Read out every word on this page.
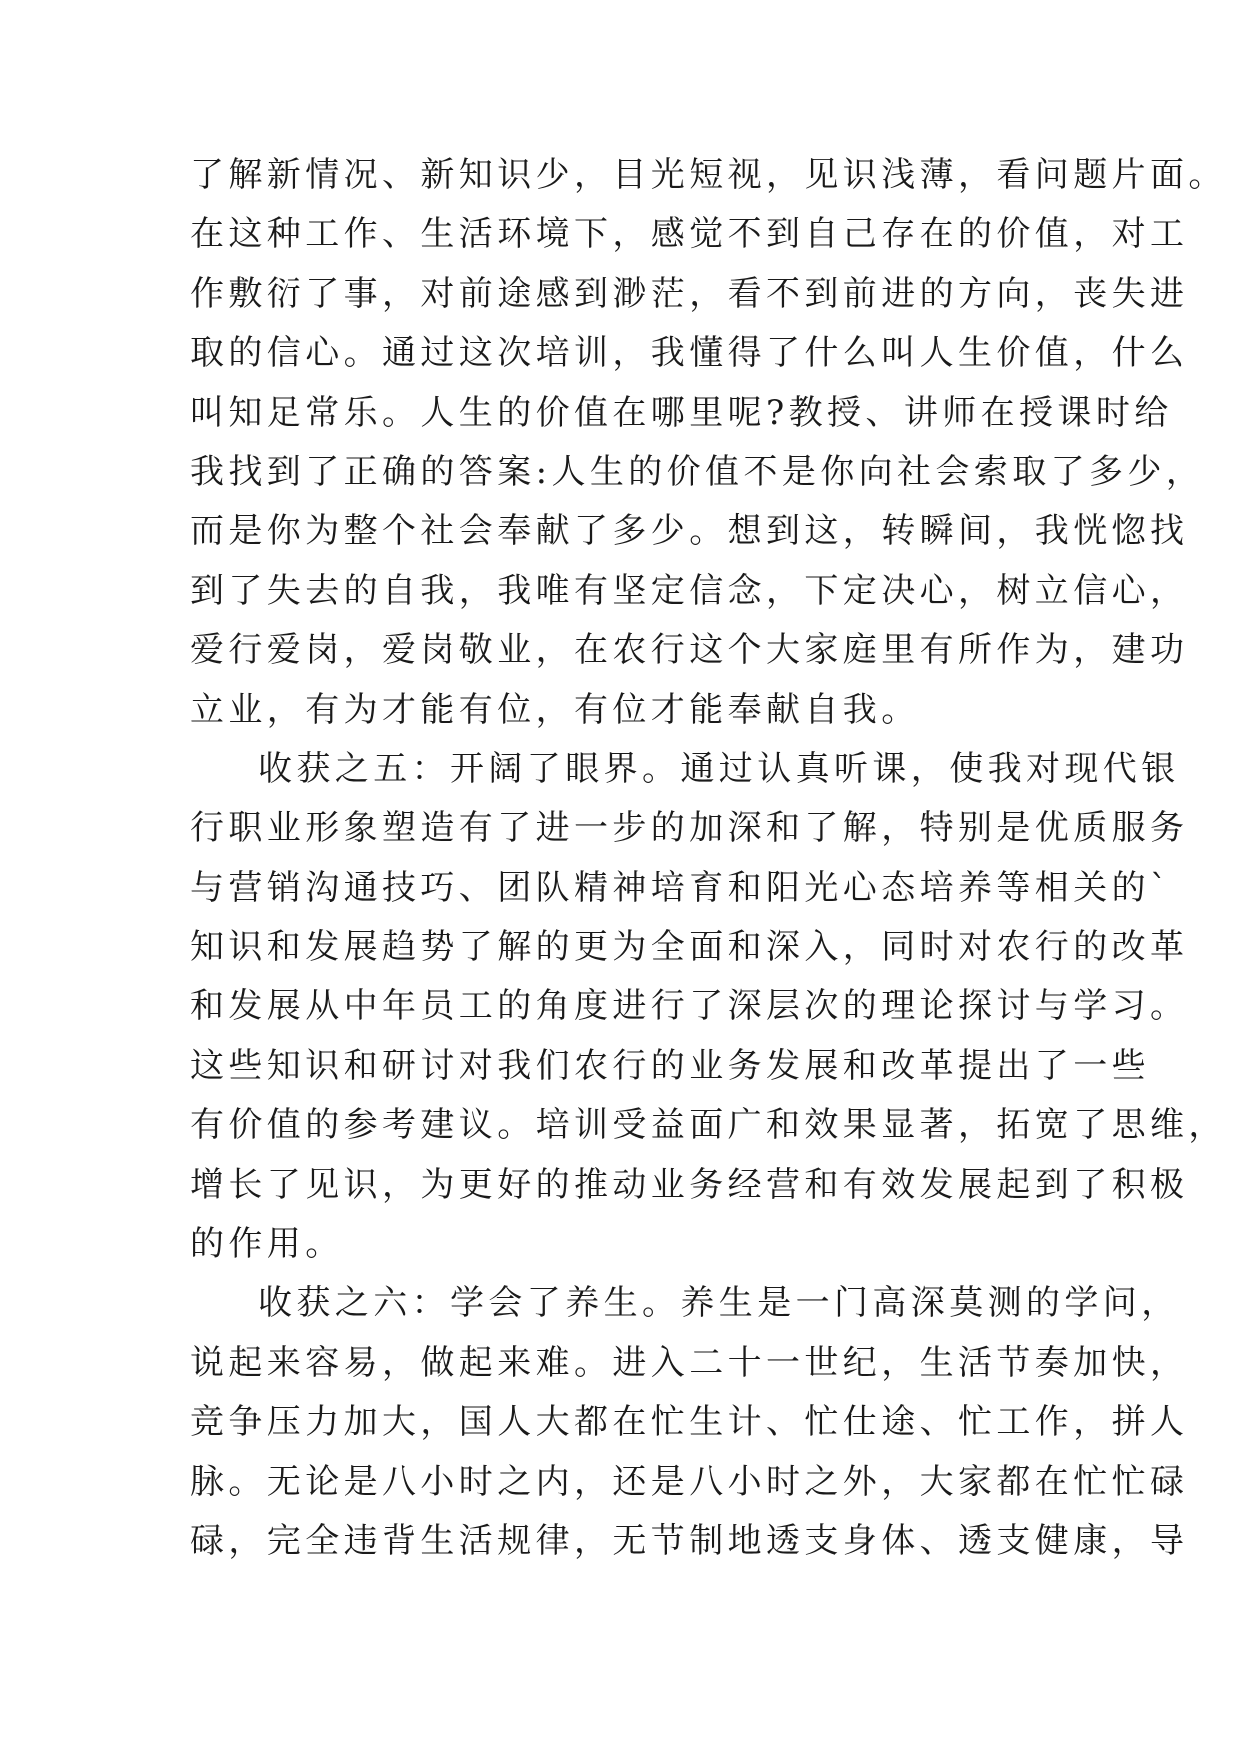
了解新情况、新知识少，目光短视，见识浅薄，看问题片面。
在这种工作、生活环境下，感觉不到自己存在的价值，对工
作敷衍了事，对前途感到渺茫，看不到前进的方向，丧失进
取的信心。通过这次培训，我懂得了什么叫人生价值，什么
叫知足常乐。人生的价值在哪里呢?教授、讲师在授课时给
我找到了正确的答案:人生的价值不是你向社会索取了多少，
而是你为整个社会奉献了多少。想到这，转瞬间，我恍惚找
到了失去的自我，我唯有坚定信念，下定决心，树立信心，
爱行爱岗，爱岗敬业，在农行这个大家庭里有所作为，建功
立业，有为才能有位，有位才能奉献自我。
收获之五：开阔了眼界。通过认真听课，使我对现代银
行职业形象塑造有了进一步的加深和了解，特别是优质服务
与营销沟通技巧、团队精神培育和阳光心态培养等相关的`
知识和发展趋势了解的更为全面和深入，同时对农行的改革
和发展从中年员工的角度进行了深层次的理论探讨与学习。
这些知识和研讨对我们农行的业务发展和改革提出了一些
有价值的参考建议。培训受益面广和效果显著，拓宽了思维，
增长了见识，为更好的推动业务经营和有效发展起到了积极
的作用。
收获之六：学会了养生。养生是一门高深莫测的学问，
说起来容易，做起来难。进入二十一世纪，生活节奏加快，
竞争压力加大，国人大都在忙生计、忙仕途、忙工作，拼人
脉。无论是八小时之内，还是八小时之外，大家都在忙忙碌
碌，完全违背生活规律，无节制地透支身体、透支健康，导
